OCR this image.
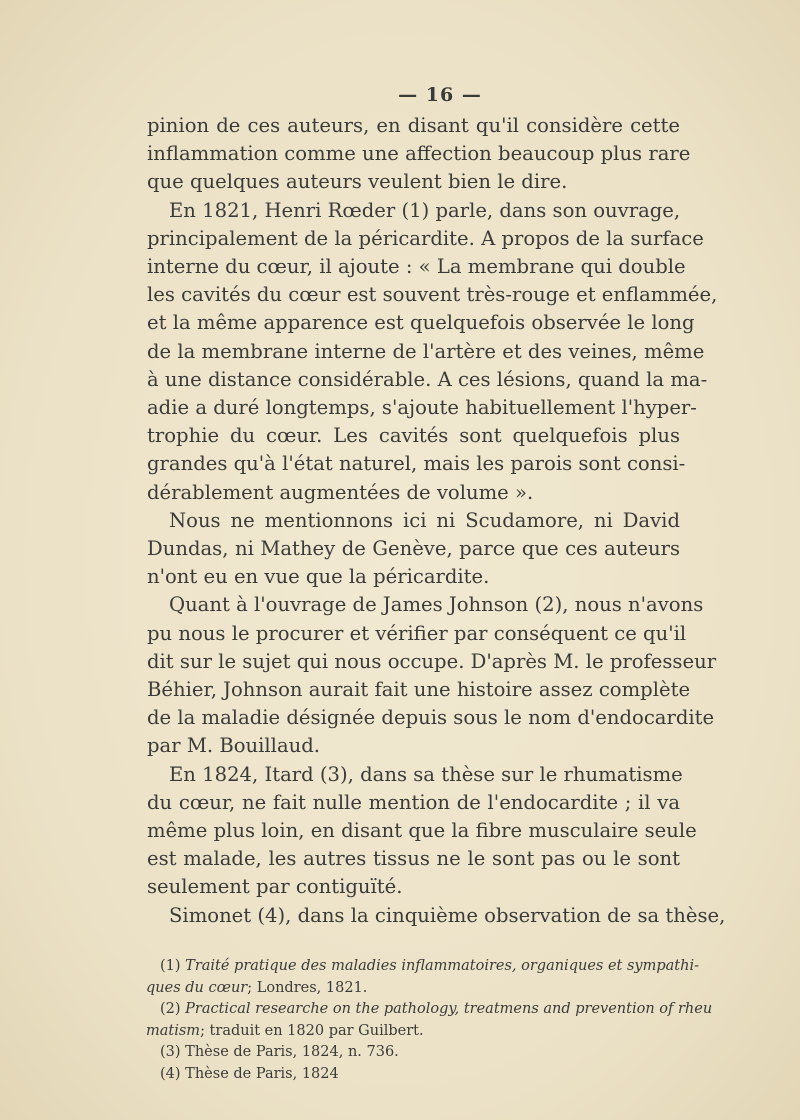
— 16 —
pinion de ces auteurs, en disant qu'il considère cette
inflammation comme une affection beaucoup plus rare
que quelques auteurs veulent bien le dire.
En 1821, Henri Rœder (1) parle, dans son ouvrage,
principalement de la péricardite. A propos de la surface
interne du cœur, il ajoute : « La membrane qui double
les cavités du cœur est souvent très-rouge et enflammée,
et la même apparence est quelquefois observée le long
de la membrane interne de l'artère et des veines, même
à une distance considérable. A ces lésions, quand la ma-
adie a duré longtemps, s'ajoute habituellement l'hyper-
trophie du cœur. Les cavités sont quelquefois plus
grandes qu'à l'état naturel, mais les parois sont consi-
dérablement augmentées de volume ».
Nous ne mentionnons ici ni Scudamore, ni David
Dundas, ni Mathey de Genève, parce que ces auteurs
n'ont eu en vue que la péricardite.
Quant à l'ouvrage de James Johnson (2), nous n'avons
pu nous le procurer et vérifier par conséquent ce qu'il
dit sur le sujet qui nous occupe. D'après M. le professeur
Béhier, Johnson aurait fait une histoire assez complète
de la maladie désignée depuis sous le nom d'endocardite
par M. Bouillaud.
En 1824, Itard (3), dans sa thèse sur le rhumatisme
du cœur, ne fait nulle mention de l'endocardite ; il va
même plus loin, en disant que la fibre musculaire seule
est malade, les autres tissus ne le sont pas ou le sont
seulement par contiguïté.
Simonet (4), dans la cinquième observation de sa thèse,
(1) Traité pratique des maladies inflammatoires, organiques et sympathi-
ques du cœur; Londres, 1821.
(2) Practical researche on the pathology, treatmens and prevention of rheu
matism; traduit en 1820 par Guilbert.
(3) Thèse de Paris, 1824, n. 736.
(4) Thèse de Paris, 1824
